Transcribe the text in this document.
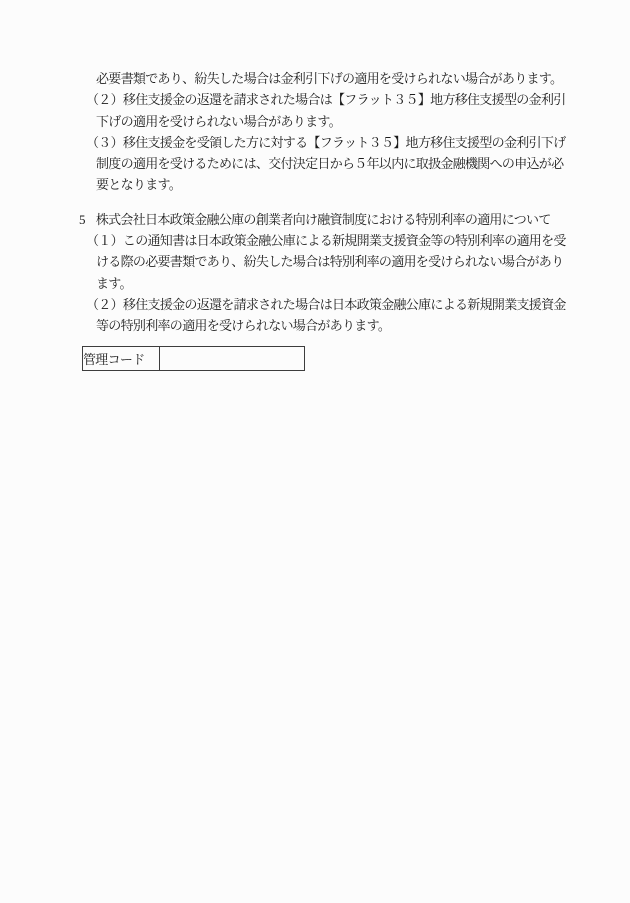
必要書類であり、紛失した場合は金利引下げの適用を受けられない場合があります。
（２）移住支援金の返還を請求された場合は【フラット３５】地方移住支援型の金利引
下げの適用を受けられない場合があります。
（３）移住支援金を受領した方に対する【フラット３５】地方移住支援型の金利引下げ
制度の適用を受けるためには、交付決定日から５年以内に取扱金融機関への申込が必
要となります。
5 株式会社日本政策金融公庫の創業者向け融資制度における特別利率の適用について
（１）この通知書は日本政策金融公庫による新規開業支援資金等の特別利率の適用を受
ける際の必要書類であり、紛失した場合は特別利率の適用を受けられない場合があり
ます。
（２）移住支援金の返還を請求された場合は日本政策金融公庫による新規開業支援資金
等の特別利率の適用を受けられない場合があります。
管理コード	
